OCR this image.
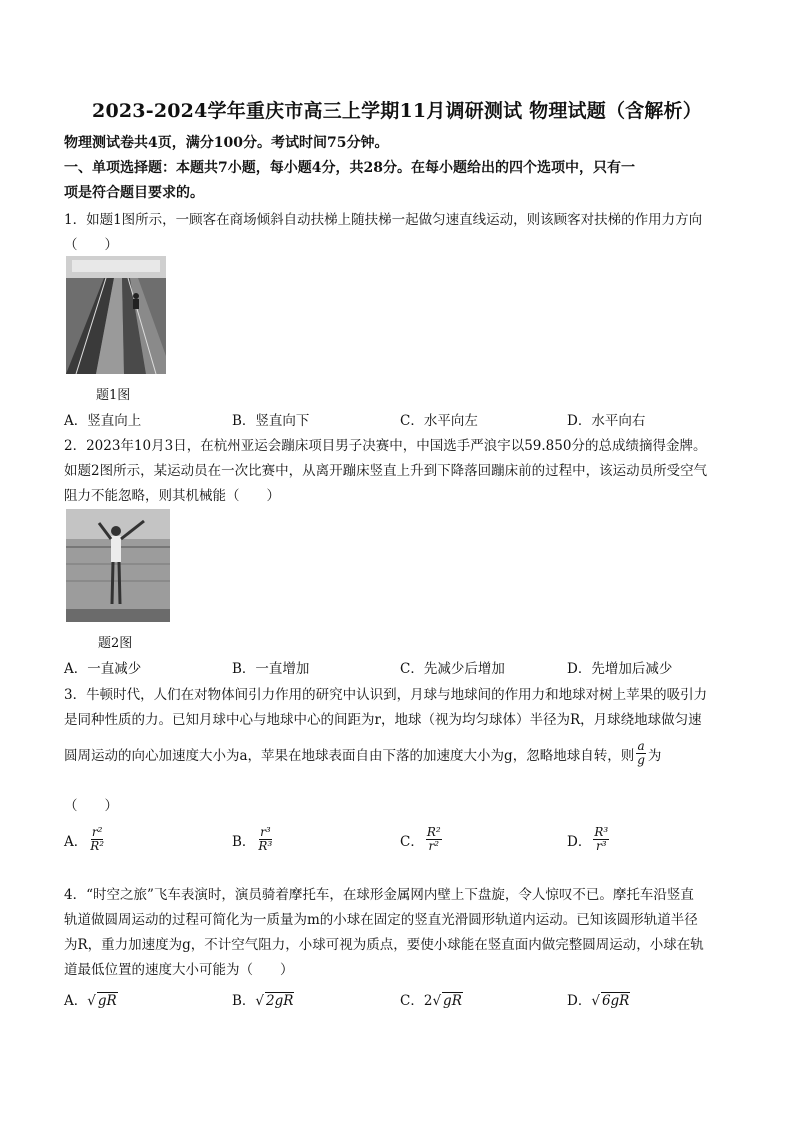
2023-2024学年重庆市高三上学期11月调研测试 物理试题（含解析）
物理测试卷共4页，满分100分。考试时间75分钟。
一、单项选择题：本题共7小题，每小题4分，共28分。在每小题给出的四个选项中，只有一
项是符合题目要求的。
1．如题1图所示，一顾客在商场倾斜自动扶梯上随扶梯一起做匀速直线运动，则该顾客对扶梯的作用力方向
（　　）
题1图
A．竖直向上	B．竖直向下	C．水平向左	D．水平向右
2．2023年10月3日，在杭州亚运会蹦床项目男子决赛中，中国选手严浪宇以59.850分的总成绩摘得金牌。
如题2图所示，某运动员在一次比赛中，从离开蹦床竖直上升到下降落回蹦床前的过程中，该运动员所受空气
阻力不能忽略，则其机械能（　　）
题2图
A．一直减少	B．一直增加	C．先减少后增加	D．先增加后减少
3．牛顿时代，人们在对物体间引力作用的研究中认识到，月球与地球间的作用力和地球对树上苹果的吸引力
是同种性质的力。已知月球中心与地球中心的间距为r，地球（视为均匀球体）半径为R，月球绕地球做匀速
圆周运动的向心加速度大小为a，苹果在地球表面自由下落的加速度大小为g，忽略地球自转，则 $\frac{a}{g}$ 为
（　　）
A． $\frac{\text{r²}}{\text{R²}}$	B． $\frac{\text{r³}}{\text{R³}}$	C． $\frac{\text{R²}}{\text{r²}}$	D． $\frac{\text{R³}}{\text{r³}}$
4．“时空之旅”飞车表演时，演员骑着摩托车，在球形金属网内壁上下盘旋，令人惊叹不已。摩托车沿竖直
轨道做圆周运动的过程可简化为一质量为m的小球在固定的竖直光滑圆形轨道内运动。已知该圆形轨道半径
为R，重力加速度为g，不计空气阻力，小球可视为质点，要使小球能在竖直面内做完整圆周运动，小球在轨
道最低位置的速度大小可能为（　　）
A．√ gR	B．√ 2gR	C．2√ gR	D．√ 6gR
